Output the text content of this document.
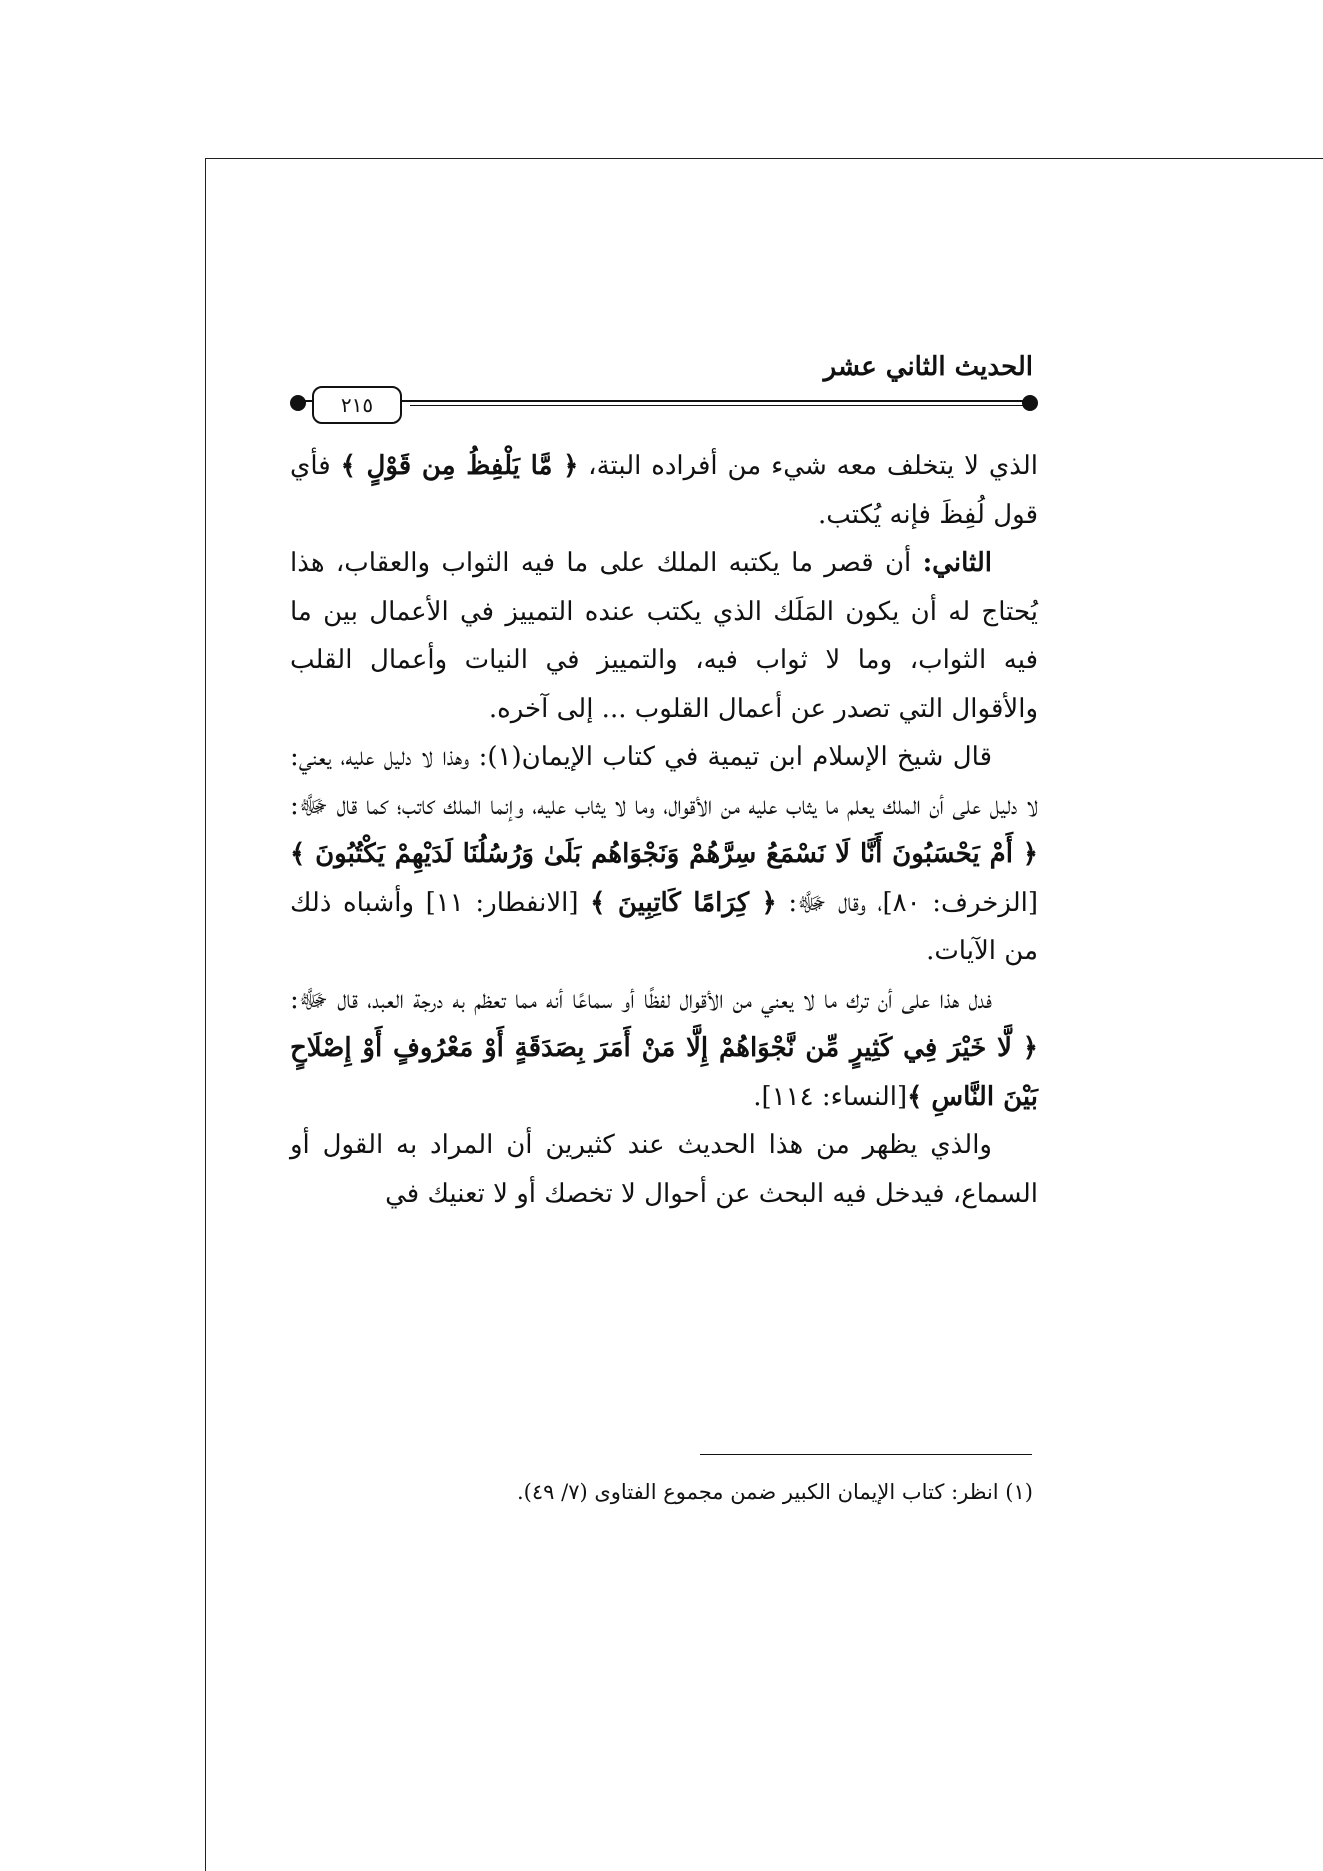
الحديث الثاني عشر
٢١٥

الذي لا يتخلف معه شيء من أفراده البتة، ﴿ مَّا يَلْفِظُ مِن قَوْلٍ ﴾ فأي قول لُفِظَ فإنه يُكتب.

الثاني: أن قصر ما يكتبه الملك على ما فيه الثواب والعقاب، هذا يُحتاج له أن يكون المَلَك الذي يكتب عنده التمييز في الأعمال بين ما فيه الثواب، وما لا ثواب فيه، والتمييز في النيات وأعمال القلب والأقوال التي تصدر عن أعمال القلوب ... إلى آخره.

قال شيخ الإسلام ابن تيمية في كتاب الإيمان(١): وهذا لا دليل عليه، يعني: لا دليل على أن الملك يعلم ما يثاب عليه من الأقوال، وما لا يثاب عليه، وإنما الملك كاتب؛ كما قال ﷻ: ﴿ أَمْ يَحْسَبُونَ أَنَّا لَا نَسْمَعُ سِرَّهُمْ وَنَجْوَاهُم بَلَىٰ وَرُسُلُنَا لَدَيْهِمْ يَكْتُبُونَ ﴾ [الزخرف: ٨٠]، وقال ﷻ: ﴿ كِرَامًا كَاتِبِينَ ﴾ [الانفطار: ١١] وأشباه ذلك من الآيات.

فدل هذا على أن ترك ما لا يعني من الأقوال لفظًا أو سماعًا أنه مما تعظم به درجة العبد، قال ﷻ: ﴿ لَّا خَيْرَ فِي كَثِيرٍ مِّن نَّجْوَاهُمْ إِلَّا مَنْ أَمَرَ بِصَدَقَةٍ أَوْ مَعْرُوفٍ أَوْ إِصْلَاحٍ بَيْنَ النَّاسِ ﴾[النساء: ١١٤].

والذي يظهر من هذا الحديث عند كثيرين أن المراد به القول أو السماع، فيدخل فيه البحث عن أحوال لا تخصك أو لا تعنيك في

(١) انظر: كتاب الإيمان الكبير ضمن مجموع الفتاوى (٧/ ٤٩).
